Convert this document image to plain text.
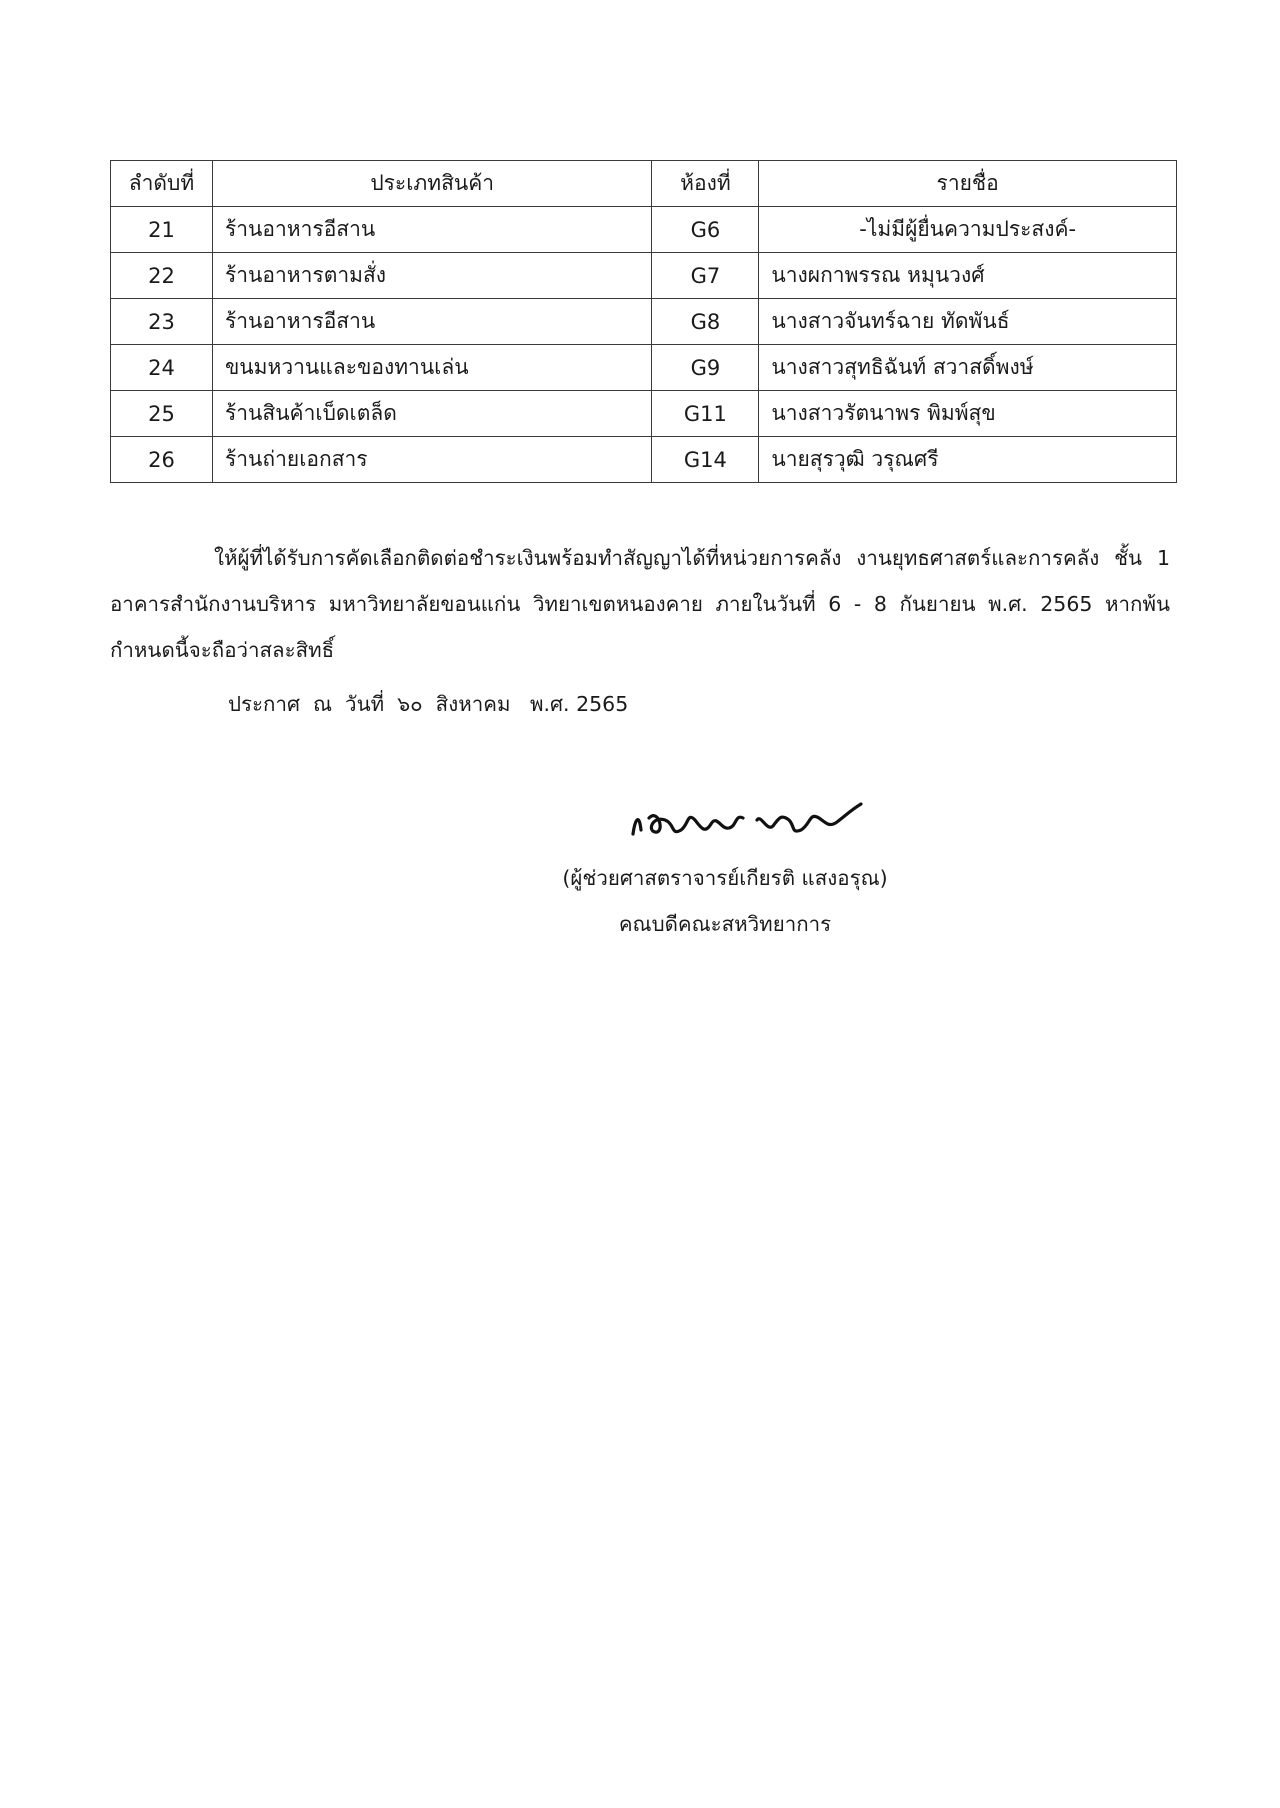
ลำดับที่	ประเภทสินค้า	ห้องที่	รายชื่อ
21	ร้านอาหารอีสาน	G6	-ไม่มีผู้ยื่นความประสงค์-
22	ร้านอาหารตามสั่ง	G7	นางผกาพรรณ หมุนวงศ์
23	ร้านอาหารอีสาน	G8	นางสาวจันทร์ฉาย ทัดพันธ์
24	ขนมหวานและของทานเล่น	G9	นางสาวสุทธิฉันท์ สวาสดิ์พงษ์
25	ร้านสินค้าเบ็ดเตล็ด	G11	นางสาวรัตนาพร พิมพ์สุข
26	ร้านถ่ายเอกสาร	G14	นายสุรวุฒิ วรุณศรี
ให้ผู้ที่ได้รับการคัดเลือกติดต่อชำระเงินพร้อมทำสัญญาได้ที่หน่วยการคลัง งานยุทธศาสตร์และการคลัง ชั้น 1 อาคารสำนักงานบริหาร มหาวิทยาลัยขอนแก่น วิทยาเขตหนองคาย ภายในวันที่ 6 - 8 กันยายน พ.ศ. 2565 หากพ้นกำหนดนี้จะถือว่าสละสิทธิ์
ประกาศ  ณ  วันที่  ๖๐  สิงหาคม   พ.ศ. 2565
(ผู้ช่วยศาสตราจารย์เกียรติ แสงอรุณ)
คณบดีคณะสหวิทยาการ
